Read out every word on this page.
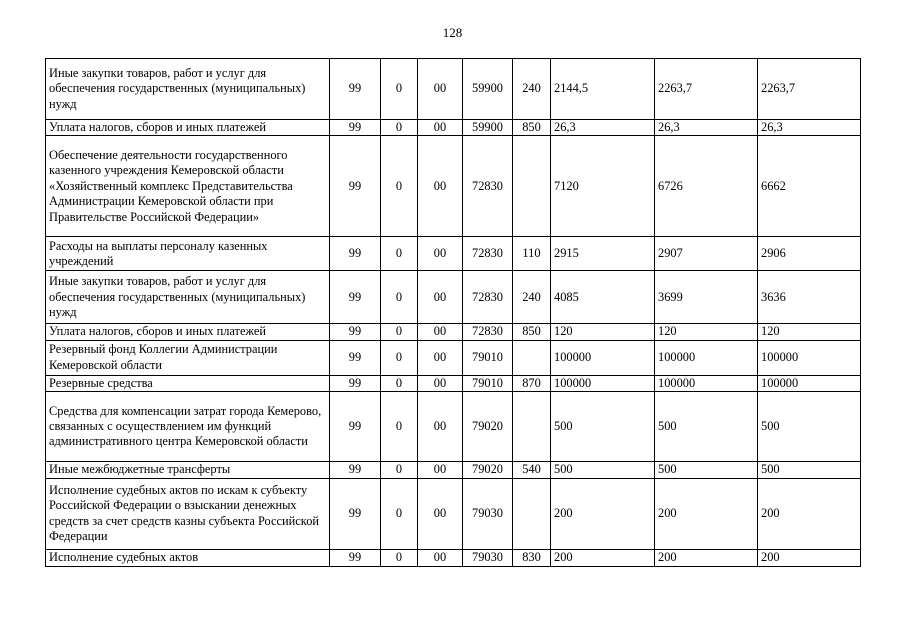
128
Иные закупки товаров, работ и услуг для обеспечения государственных (муниципальных) нужд	99	0	00	59900	240	2144,5	2263,7	2263,7
Уплата налогов, сборов и иных платежей	99	0	00	59900	850	26,3	26,3	26,3
Обеспечение деятельности государственного казенного учреждения Кемеровской области «Хозяйственный комплекс Представительства Администрации Кемеровской области при Правительстве Российской Федерации»	99	0	00	72830		7120	6726	6662
Расходы на выплаты персоналу казенных учреждений	99	0	00	72830	110	2915	2907	2906
Иные закупки товаров, работ и услуг для обеспечения государственных (муниципальных) нужд	99	0	00	72830	240	4085	3699	3636
Уплата налогов, сборов и иных платежей	99	0	00	72830	850	120	120	120
Резервный фонд Коллегии Администрации Кемеровской области	99	0	00	79010		100000	100000	100000
Резервные средства	99	0	00	79010	870	100000	100000	100000
Средства для компенсации затрат города Кемерово, связанных с осуществлением им функций административного центра Кемеровской области	99	0	00	79020		500	500	500
Иные межбюджетные трансферты	99	0	00	79020	540	500	500	500
Исполнение судебных актов по искам к субъекту Российской Федерации о взыскании денежных средств за счет средств казны субъекта Российской Федерации	99	0	00	79030		200	200	200
Исполнение судебных актов	99	0	00	79030	830	200	200	200
